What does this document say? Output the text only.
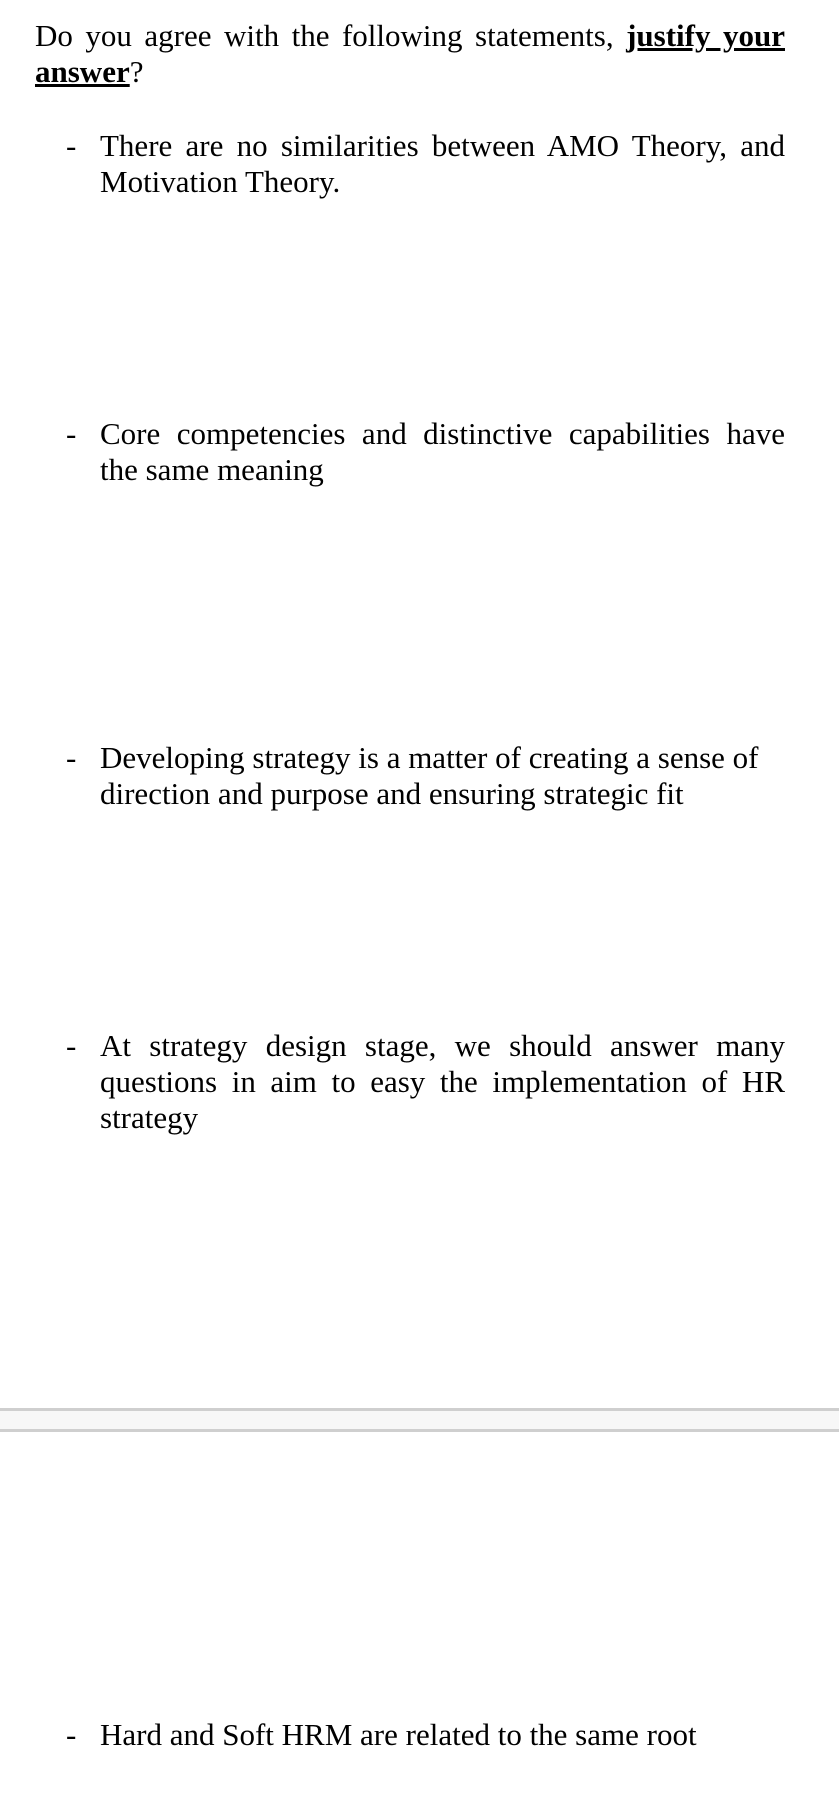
Do you agree with the following statements, justify your answer?

- There are no similarities between AMO Theory, and Motivation Theory.
- Core competencies and distinctive capabilities have the same meaning
- Developing strategy is a matter of creating a sense of direction and purpose and ensuring strategic fit
- At strategy design stage, we should answer many questions in aim to easy the implementation of HR strategy
- Hard and Soft HRM are related to the same root
